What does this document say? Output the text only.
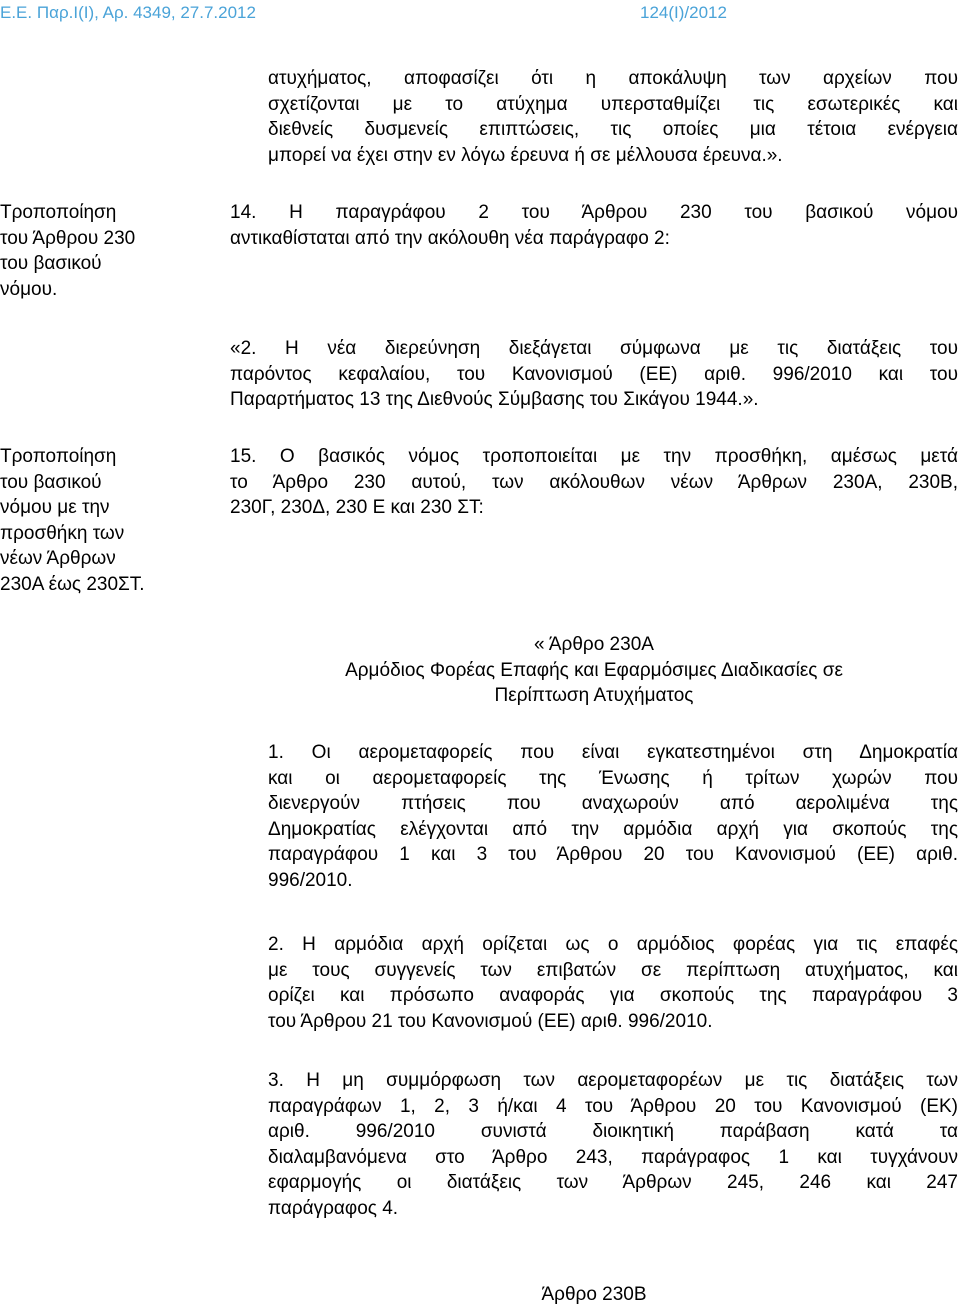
Ε.Ε. Παρ.Ι(Ι), Αρ. 4349, 27.7.2012	124(Ι)/2012
Τροποποίηση
του Άρθρου 230
του βασικού
νόμου.
Τροποποίηση
του βασικού
νόμου με την
προσθήκη των
νέων Άρθρων
230Α έως 230ΣΤ.
ατυχήματος, αποφασίζει ότι η αποκάλυψη των αρχείων που
σχετίζονται με το ατύχημα υπερσταθμίζει τις εσωτερικές και
διεθνείς δυσμενείς επιπτώσεις, τις οποίες μια τέτοια ενέργεια
μπορεί να έχει στην εν λόγω έρευνα ή σε μέλλουσα έρευνα.».
14. Η παραγράφου 2 του Άρθρου 230 του βασικού νόμου
αντικαθίσταται από την ακόλουθη νέα παράγραφο 2:
«2. Η νέα διερεύνηση διεξάγεται σύμφωνα με τις διατάξεις του
παρόντος κεφαλαίου, του Κανονισμού (ΕΕ) αριθ. 996/2010 και του
Παραρτήματος 13 της Διεθνούς Σύμβασης του Σικάγου 1944.».
15. Ο βασικός νόμος τροποποιείται με την προσθήκη, αμέσως μετά
το Άρθρο 230 αυτού, των ακόλουθων νέων Άρθρων 230Α, 230Β,
230Γ, 230Δ, 230 Ε και 230 ΣΤ:
« Άρθρο 230Α
Αρμόδιος Φορέας Επαφής και Εφαρμόσιμες Διαδικασίες σε
Περίπτωση Ατυχήματος
1. Οι αερομεταφορείς που είναι εγκατεστημένοι στη Δημοκρατία
και οι αερομεταφορείς της Ένωσης ή τρίτων χωρών που
διενεργούν πτήσεις που αναχωρούν από αερολιμένα της
Δημοκρατίας ελέγχονται από την αρμόδια αρχή για σκοπούς της
παραγράφου 1 και 3 του Άρθρου 20 του Κανονισμού (ΕΕ) αριθ.
996/2010.
2. Η αρμόδια αρχή ορίζεται ως ο αρμόδιος φορέας για τις επαφές
με τους συγγενείς των επιβατών σε περίπτωση ατυχήματος, και
ορίζει και πρόσωπο αναφοράς για σκοπούς της παραγράφου 3
του Άρθρου 21 του Κανονισμού (ΕΕ) αριθ. 996/2010.
3. Η μη συμμόρφωση των αερομεταφορέων με τις διατάξεις των
παραγράφων 1, 2, 3 ή/και 4 του Άρθρου 20 του Κανονισμού (ΕΚ)
αριθ. 996/2010 συνιστά διοικητική παράβαση κατά τα
διαλαμβανόμενα στο Άρθρο 243, παράγραφος 1 και τυγχάνουν
εφαρμογής οι διατάξεις των Άρθρων 245, 246 και 247
παράγραφος 4.
Άρθρο 230Β
